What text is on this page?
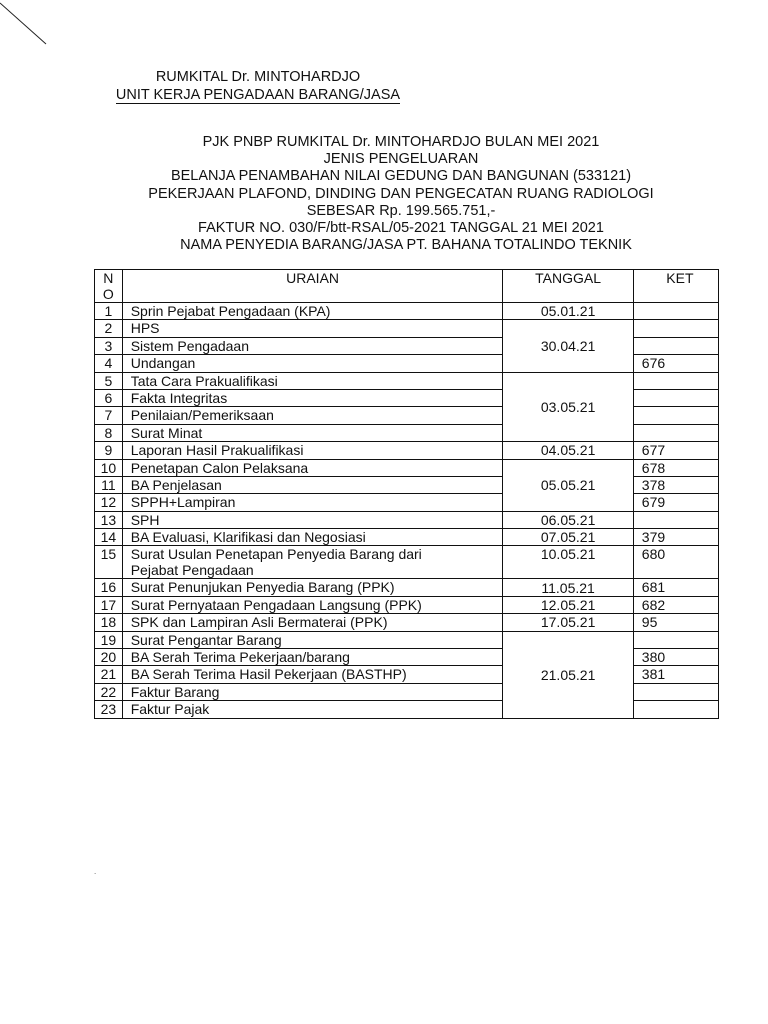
RUMKITAL Dr. MINTOHARDJO
UNIT KERJA PENGADAAN BARANG/JASA
PJK PNBP RUMKITAL Dr. MINTOHARDJO BULAN MEI 2021
JENIS PENGELUARAN
BELANJA PENAMBAHAN NILAI GEDUNG DAN BANGUNAN (533121)
PEKERJAAN PLAFOND, DINDING DAN PENGECATAN RUANG RADIOLOGI
SEBESAR Rp. 199.565.751,-
FAKTUR NO. 030/F/btt-RSAL/05-2021 TANGGAL 21 MEI 2021
NAMA PENYEDIA BARANG/JASA PT. BAHANA TOTALINDO TEKNIK
N
O	URAIAN	TANGGAL	KET
1	Sprin Pejabat Pengadaan (KPA)	05.01.21	
2	HPS	30.04.21	
3	Sistem Pengadaan		
4	Undangan		676
5	Tata Cara Prakualifikasi	03.05.21	
6	Fakta Integritas		
7	Penilaian/Pemeriksaan		
8	Surat Minat		
9	Laporan Hasil Prakualifikasi	04.05.21	677
10	Penetapan Calon Pelaksana	05.05.21	678
11	BA Penjelasan		378
12	SPPH+Lampiran		679
13	SPH	06.05.21	
14	BA Evaluasi, Klarifikasi dan Negosiasi	07.05.21	379
15	Surat Usulan Penetapan Penyedia Barang dari
Pejabat Pengadaan	10.05.21	680
16	Surat Penunjukan Penyedia Barang (PPK)	11.05.21	681
17	Surat Pernyataan Pengadaan Langsung (PPK)	12.05.21	682
18	SPK dan Lampiran Asli Bermaterai (PPK)	17.05.21	95
19	Surat Pengantar Barang	21.05.21	
20	BA Serah Terima Pekerjaan/barang		380
21	BA Serah Terima Hasil Pekerjaan (BASTHP)		381
22	Faktur Barang		
23	Faktur Pajak		
.
